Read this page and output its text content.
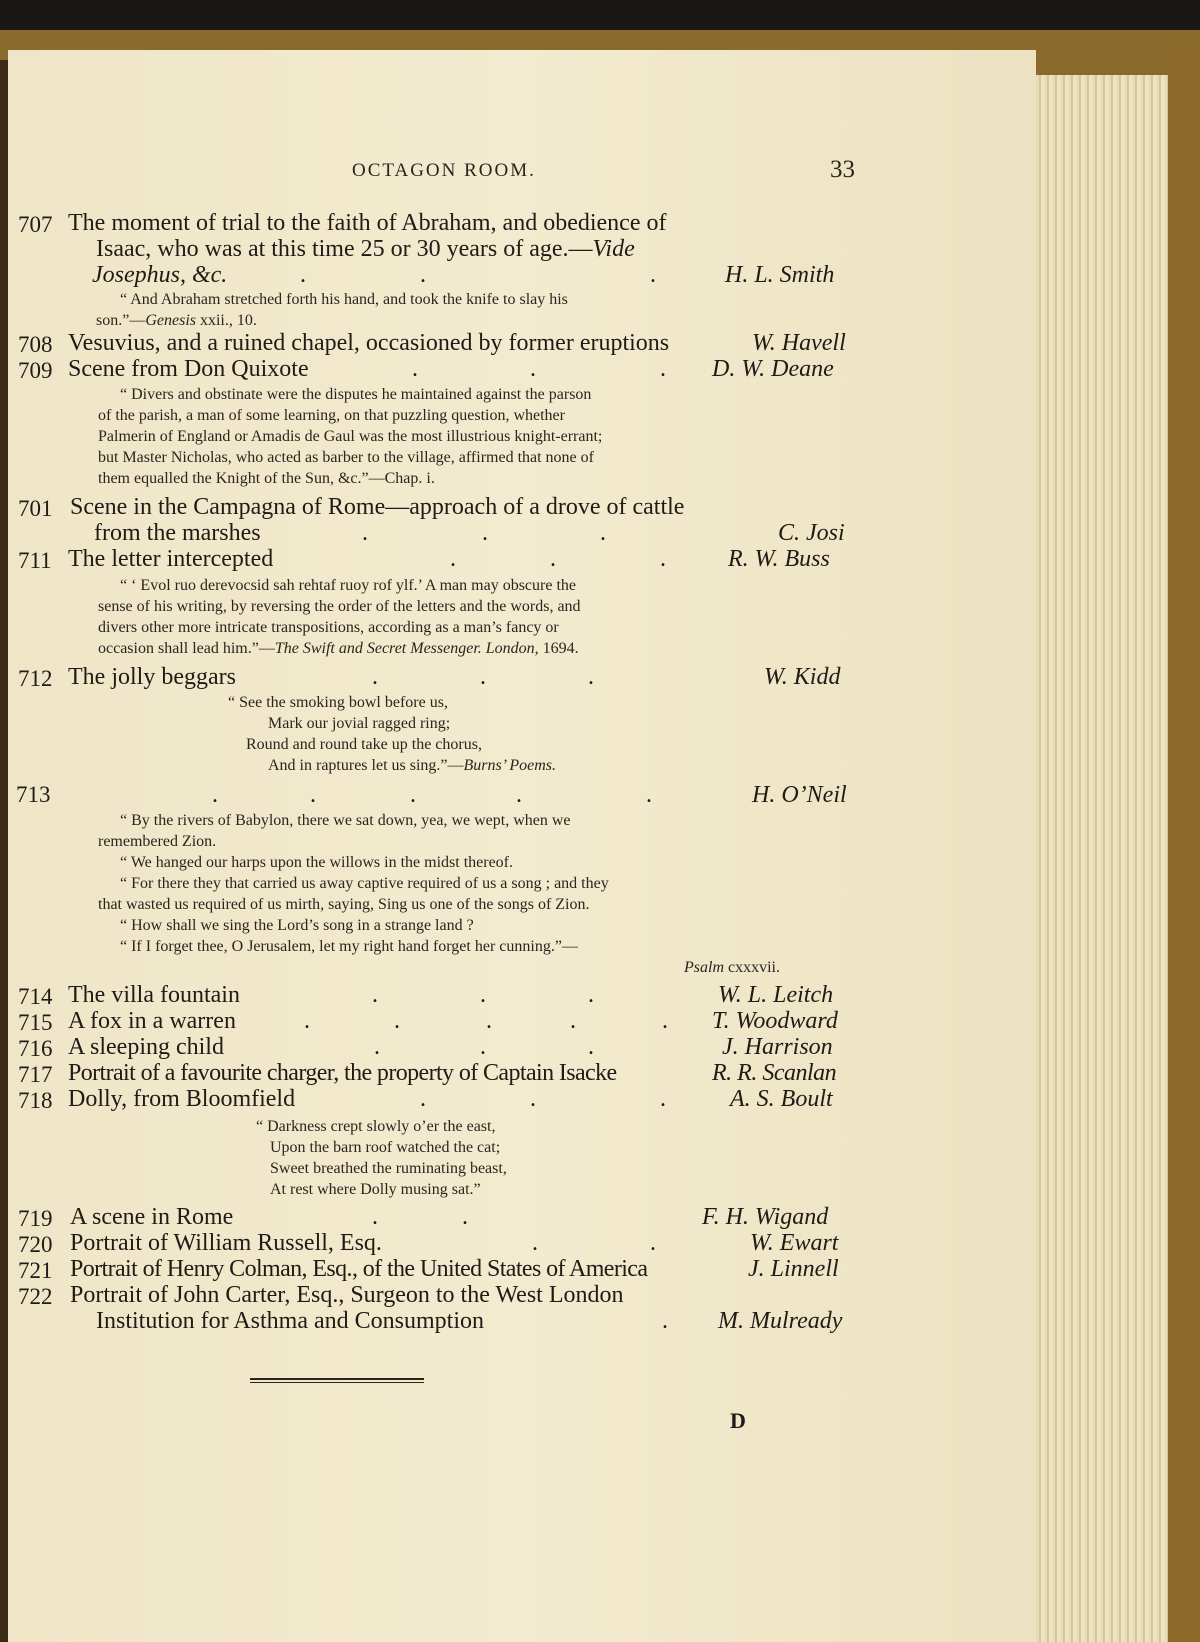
OCTAGON ROOM.	33
707 The moment of trial to the faith of Abraham, and obedience of
Isaac, who was at this time 25 or 30 years of age.—Vide
Josephus, &c.	.	.	.	H. L. Smith
“ And Abraham stretched forth his hand, and took the knife to slay his
son.”—Genesis xxii., 10.
708 Vesuvius, and a ruined chapel, occasioned by former eruptions	W. Havell
709 Scene from Don Quixote	.	.	. D. W. Deane
“ Divers and obstinate were the disputes he maintained against the parson
of the parish, a man of some learning, on that puzzling question, whether
Palmerin of England or Amadis de Gaul was the most illustrious knight-errant;
but Master Nicholas, who acted as barber to the village, affirmed that none of
them equalled the Knight of the Sun, &c.”—Chap. i.
701 Scene in the Campagna of Rome—approach of a drove of cattle
from the marshes	.	.	.	C. Josi
711 The letter intercepted	.	.	.	R. W. Buss
“ ‘ Evol ruo derevocsid sah rehtaf ruoy rof ylf.’ A man may obscure the
sense of his writing, by reversing the order of the letters and the words, and
divers other more intricate transpositions, according as a man’s fancy or
occasion shall lead him.”—The Swift and Secret Messenger. London, 1694.
712 The jolly beggars	.	.	.	W. Kidd
“ See the smoking bowl before us,
Mark our jovial ragged ring;
Round and round take up the chorus,
And in raptures let us sing.”—Burns’ Poems.
713	.	.	.	.	.	H. O’Neil
“ By the rivers of Babylon, there we sat down, yea, we wept, when we
remembered Zion.
“ We hanged our harps upon the willows in the midst thereof.
“ For there they that carried us away captive required of us a song ; and they
that wasted us required of us mirth, saying, Sing us one of the songs of Zion.
“ How shall we sing the Lord’s song in a strange land ?
“ If I forget thee, O Jerusalem, let my right hand forget her cunning.”—
Psalm cxxxvii.
714 The villa fountain	.	.	.	W. L. Leitch
715 A fox in a warren	.	.	.	.	. T. Woodward
716 A sleeping child	.	.	.	J. Harrison
717 Portrait of a favourite charger, the property of Captain Isacke	R. R. Scanlan
718 Dolly, from Bloomfield	.	.	.	A. S. Boult
“ Darkness crept slowly o’er the east,
Upon the barn roof watched the cat;
Sweet breathed the ruminating beast,
At rest where Dolly musing sat.”
719 A scene in Rome	.	.	F. H. Wigand
720 Portrait of William Russell, Esq.	.	.	W. Ewart
721 Portrait of Henry Colman, Esq., of the United States of America	J. Linnell
722 Portrait of John Carter, Esq., Surgeon to the West London
Institution for Asthma and Consumption	. M. Mulready
D
